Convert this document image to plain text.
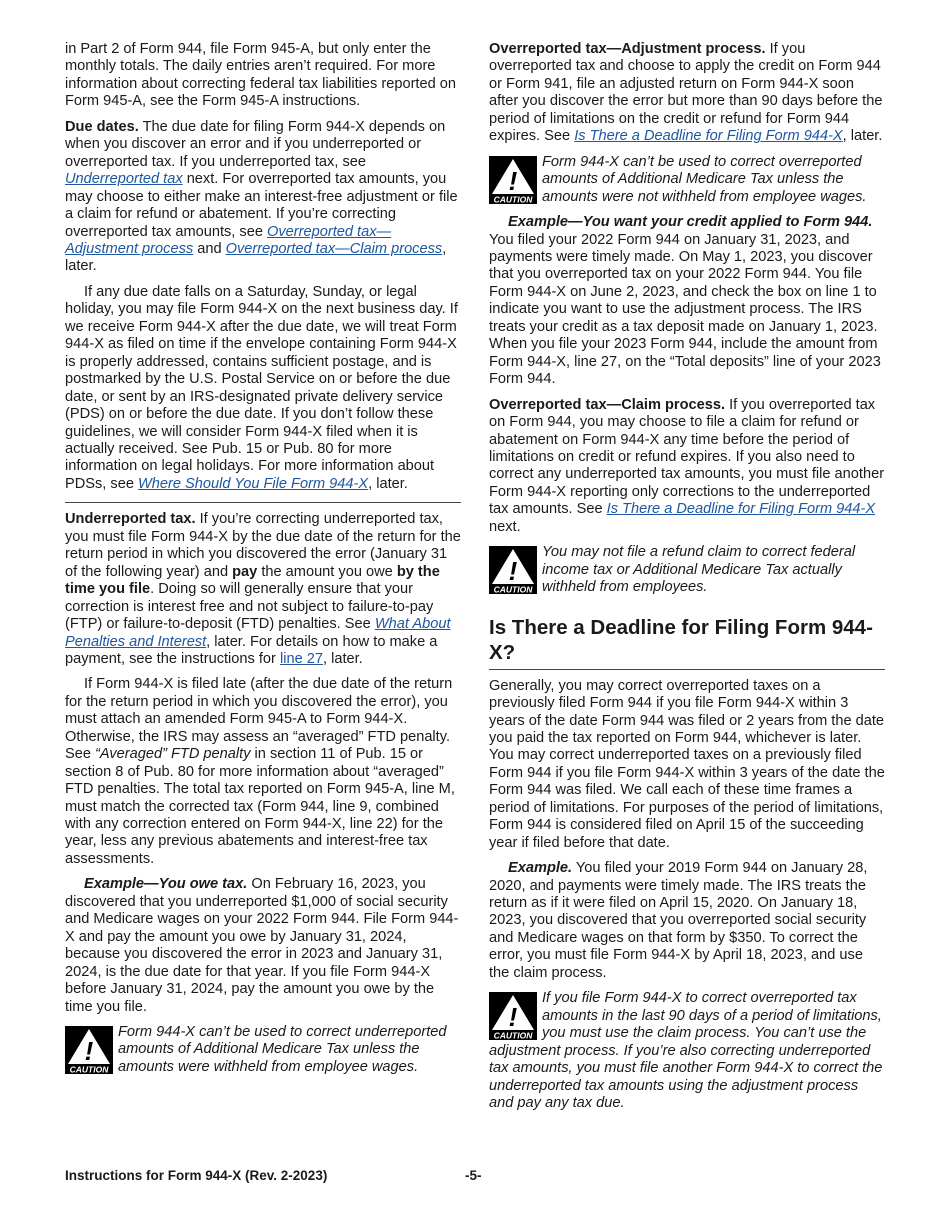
in Part 2 of Form 944, file Form 945-A, but only enter the monthly totals. The daily entries aren’t required. For more information about correcting federal tax liabilities reported on Form 945-A, see the Form 945-A instructions.

Due dates. The due date for filing Form 944-X depends on when you discover an error and if you underreported or overreported tax. If you underreported tax, see Underreported tax next. For overreported tax amounts, you may choose to either make an interest-free adjustment or file a claim for refund or abatement. If you’re correcting overreported tax amounts, see Overreported tax—Adjustment process and Overreported tax—Claim process, later.

If any due date falls on a Saturday, Sunday, or legal holiday, you may file Form 944-X on the next business day. If we receive Form 944-X after the due date, we will treat Form 944-X as filed on time if the envelope containing Form 944-X is properly addressed, contains sufficient postage, and is postmarked by the U.S. Postal Service on or before the due date, or sent by an IRS-designated private delivery service (PDS) on or before the due date. If you don’t follow these guidelines, we will consider Form 944-X filed when it is actually received. See Pub. 15 or Pub. 80 for more information on legal holidays. For more information about PDSs, see Where Should You File Form 944-X, later.

Underreported tax. If you’re correcting underreported tax, you must file Form 944-X by the due date of the return for the return period in which you discovered the error (January 31 of the following year) and pay the amount you owe by the time you file. Doing so will generally ensure that your correction is interest free and not subject to failure-to-pay (FTP) or failure-to-deposit (FTD) penalties. See What About Penalties and Interest, later. For details on how to make a payment, see the instructions for line 27, later.

If Form 944-X is filed late (after the due date of the return for the return period in which you discovered the error), you must attach an amended Form 945-A to Form 944-X. Otherwise, the IRS may assess an “averaged” FTD penalty. See “Averaged” FTD penalty in section 11 of Pub. 15 or section 8 of Pub. 80 for more information about “averaged” FTD penalties. The total tax reported on Form 945-A, line M, must match the corrected tax (Form 944, line 9, combined with any correction entered on Form 944-X, line 22) for the year, less any previous abatements and interest-free tax assessments.

Example—You owe tax. On February 16, 2023, you discovered that you underreported $1,000 of social security and Medicare wages on your 2022 Form 944. File Form 944-X and pay the amount you owe by January 31, 2024, because you discovered the error in 2023 and January 31, 2024, is the due date for that year. If you file Form 944-X before January 31, 2024, pay the amount you owe by the time you file.

!
CAUTION
Form 944-X can’t be used to correct underreported amounts of Additional Medicare Tax unless the amounts were withheld from employee wages.

Overreported tax—Adjustment process. If you overreported tax and choose to apply the credit on Form 944 or Form 941, file an adjusted return on Form 944-X soon after you discover the error but more than 90 days before the period of limitations on the credit or refund for Form 944 expires. See Is There a Deadline for Filing Form 944-X, later.

!
CAUTION
Form 944-X can’t be used to correct overreported amounts of Additional Medicare Tax unless the amounts were not withheld from employee wages.

Example—You want your credit applied to Form 944. You filed your 2022 Form 944 on January 31, 2023, and payments were timely made. On May 1, 2023, you discover that you overreported tax on your 2022 Form 944. You file Form 944-X on June 2, 2023, and check the box on line 1 to indicate you want to use the adjustment process. The IRS treats your credit as a tax deposit made on January 1, 2023. When you file your 2023 Form 944, include the amount from Form 944-X, line 27, on the “Total deposits” line of your 2023 Form 944.

Overreported tax—Claim process. If you overreported tax on Form 944, you may choose to file a claim for refund or abatement on Form 944-X any time before the period of limitations on credit or refund expires. If you also need to correct any underreported tax amounts, you must file another Form 944-X reporting only corrections to the underreported tax amounts. See Is There a Deadline for Filing Form 944-X next.

!
CAUTION
You may not file a refund claim to correct federal income tax or Additional Medicare Tax actually withheld from employees.
Is There a Deadline for Filing Form 944-X?

Generally, you may correct overreported taxes on a previously filed Form 944 if you file Form 944-X within 3 years of the date Form 944 was filed or 2 years from the date you paid the tax reported on Form 944, whichever is later. You may correct underreported taxes on a previously filed Form 944 if you file Form 944-X within 3 years of the date the Form 944 was filed. We call each of these time frames a period of limitations. For purposes of the period of limitations, Form 944 is considered filed on April 15 of the succeeding year if filed before that date.

Example. You filed your 2019 Form 944 on January 28, 2020, and payments were timely made. The IRS treats the return as if it were filed on April 15, 2020. On January 18, 2023, you discovered that you overreported social security and Medicare wages on that form by $350. To correct the error, you must file Form 944-X by April 18, 2023, and use the claim process.

!
CAUTION
If you file Form 944-X to correct overreported tax amounts in the last 90 days of a period of limitations, you must use the claim process. You can’t use the adjustment process. If you’re also correcting underreported tax amounts, you must file another Form 944-X to correct the underreported tax amounts using the adjustment process and pay any tax due.
Instructions for Form 944-X (Rev. 2-2023)	-5-
